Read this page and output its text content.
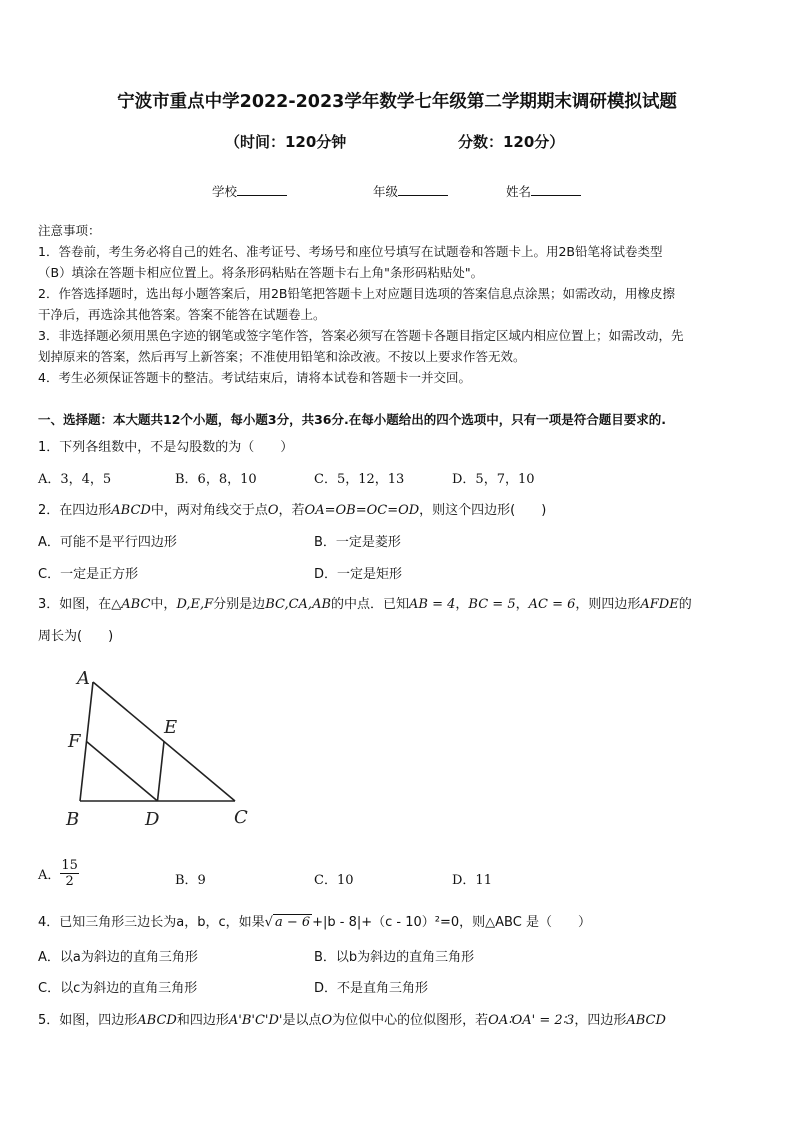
宁波市重点中学2022-2023学年数学七年级第二学期期末调研模拟试题
（时间：120分钟	分数：120分）
学校	年级	姓名
注意事项：
1．答卷前，考生务必将自己的姓名、准考证号、考场号和座位号填写在试题卷和答题卡上。用2B铅笔将试卷类型
（B）填涂在答题卡相应位置上。将条形码粘贴在答题卡右上角"条形码粘贴处"。
2．作答选择题时，选出每小题答案后，用2B铅笔把答题卡上对应题目选项的答案信息点涂黑；如需改动，用橡皮擦
干净后，再选涂其他答案。答案不能答在试题卷上。
3．非选择题必须用黑色字迹的钢笔或签字笔作答，答案必须写在答题卡各题目指定区域内相应位置上；如需改动，先
划掉原来的答案，然后再写上新答案；不准使用铅笔和涂改液。不按以上要求作答无效。
4．考生必须保证答题卡的整洁。考试结束后，请将本试卷和答题卡一并交回。
一、选择题：本大题共12个小题，每小题3分，共36分.在每小题给出的四个选项中，只有一项是符合题目要求的.
1．下列各组数中，不是勾股数的为（　　）
A．3，4，5	B．6，8，10	C．5，12，13	D．5，7，10
2．在四边形ABCD中，两对角线交于点O，若OA=OB=OC=OD，则这个四边形(　　)
A．可能不是平行四边形	B．一定是菱形
C．一定是正方形	D．一定是矩形
3．如图，在△ABC中，D,E,F分别是边BC,CA,AB的中点．已知AB = 4，BC = 5，AC = 6，则四边形AFDE的
周长为(　　)
A
F
E
B	D	C
A． $\frac{15}{2}$	B．9	C．10	D．11
4．已知三角形三边长为a，b，c，如果√ a − 6 +|b - 8|+（c - 10）²=0，则△ABC 是（　　）
A．以a为斜边的直角三角形	B．以b为斜边的直角三角形
C．以c为斜边的直角三角形	D．不是直角三角形
5．如图，四边形ABCD和四边形A'B'C'D'是以点O为位似中心的位似图形，若OA∶OA' = 2∶3，四边形ABCD
